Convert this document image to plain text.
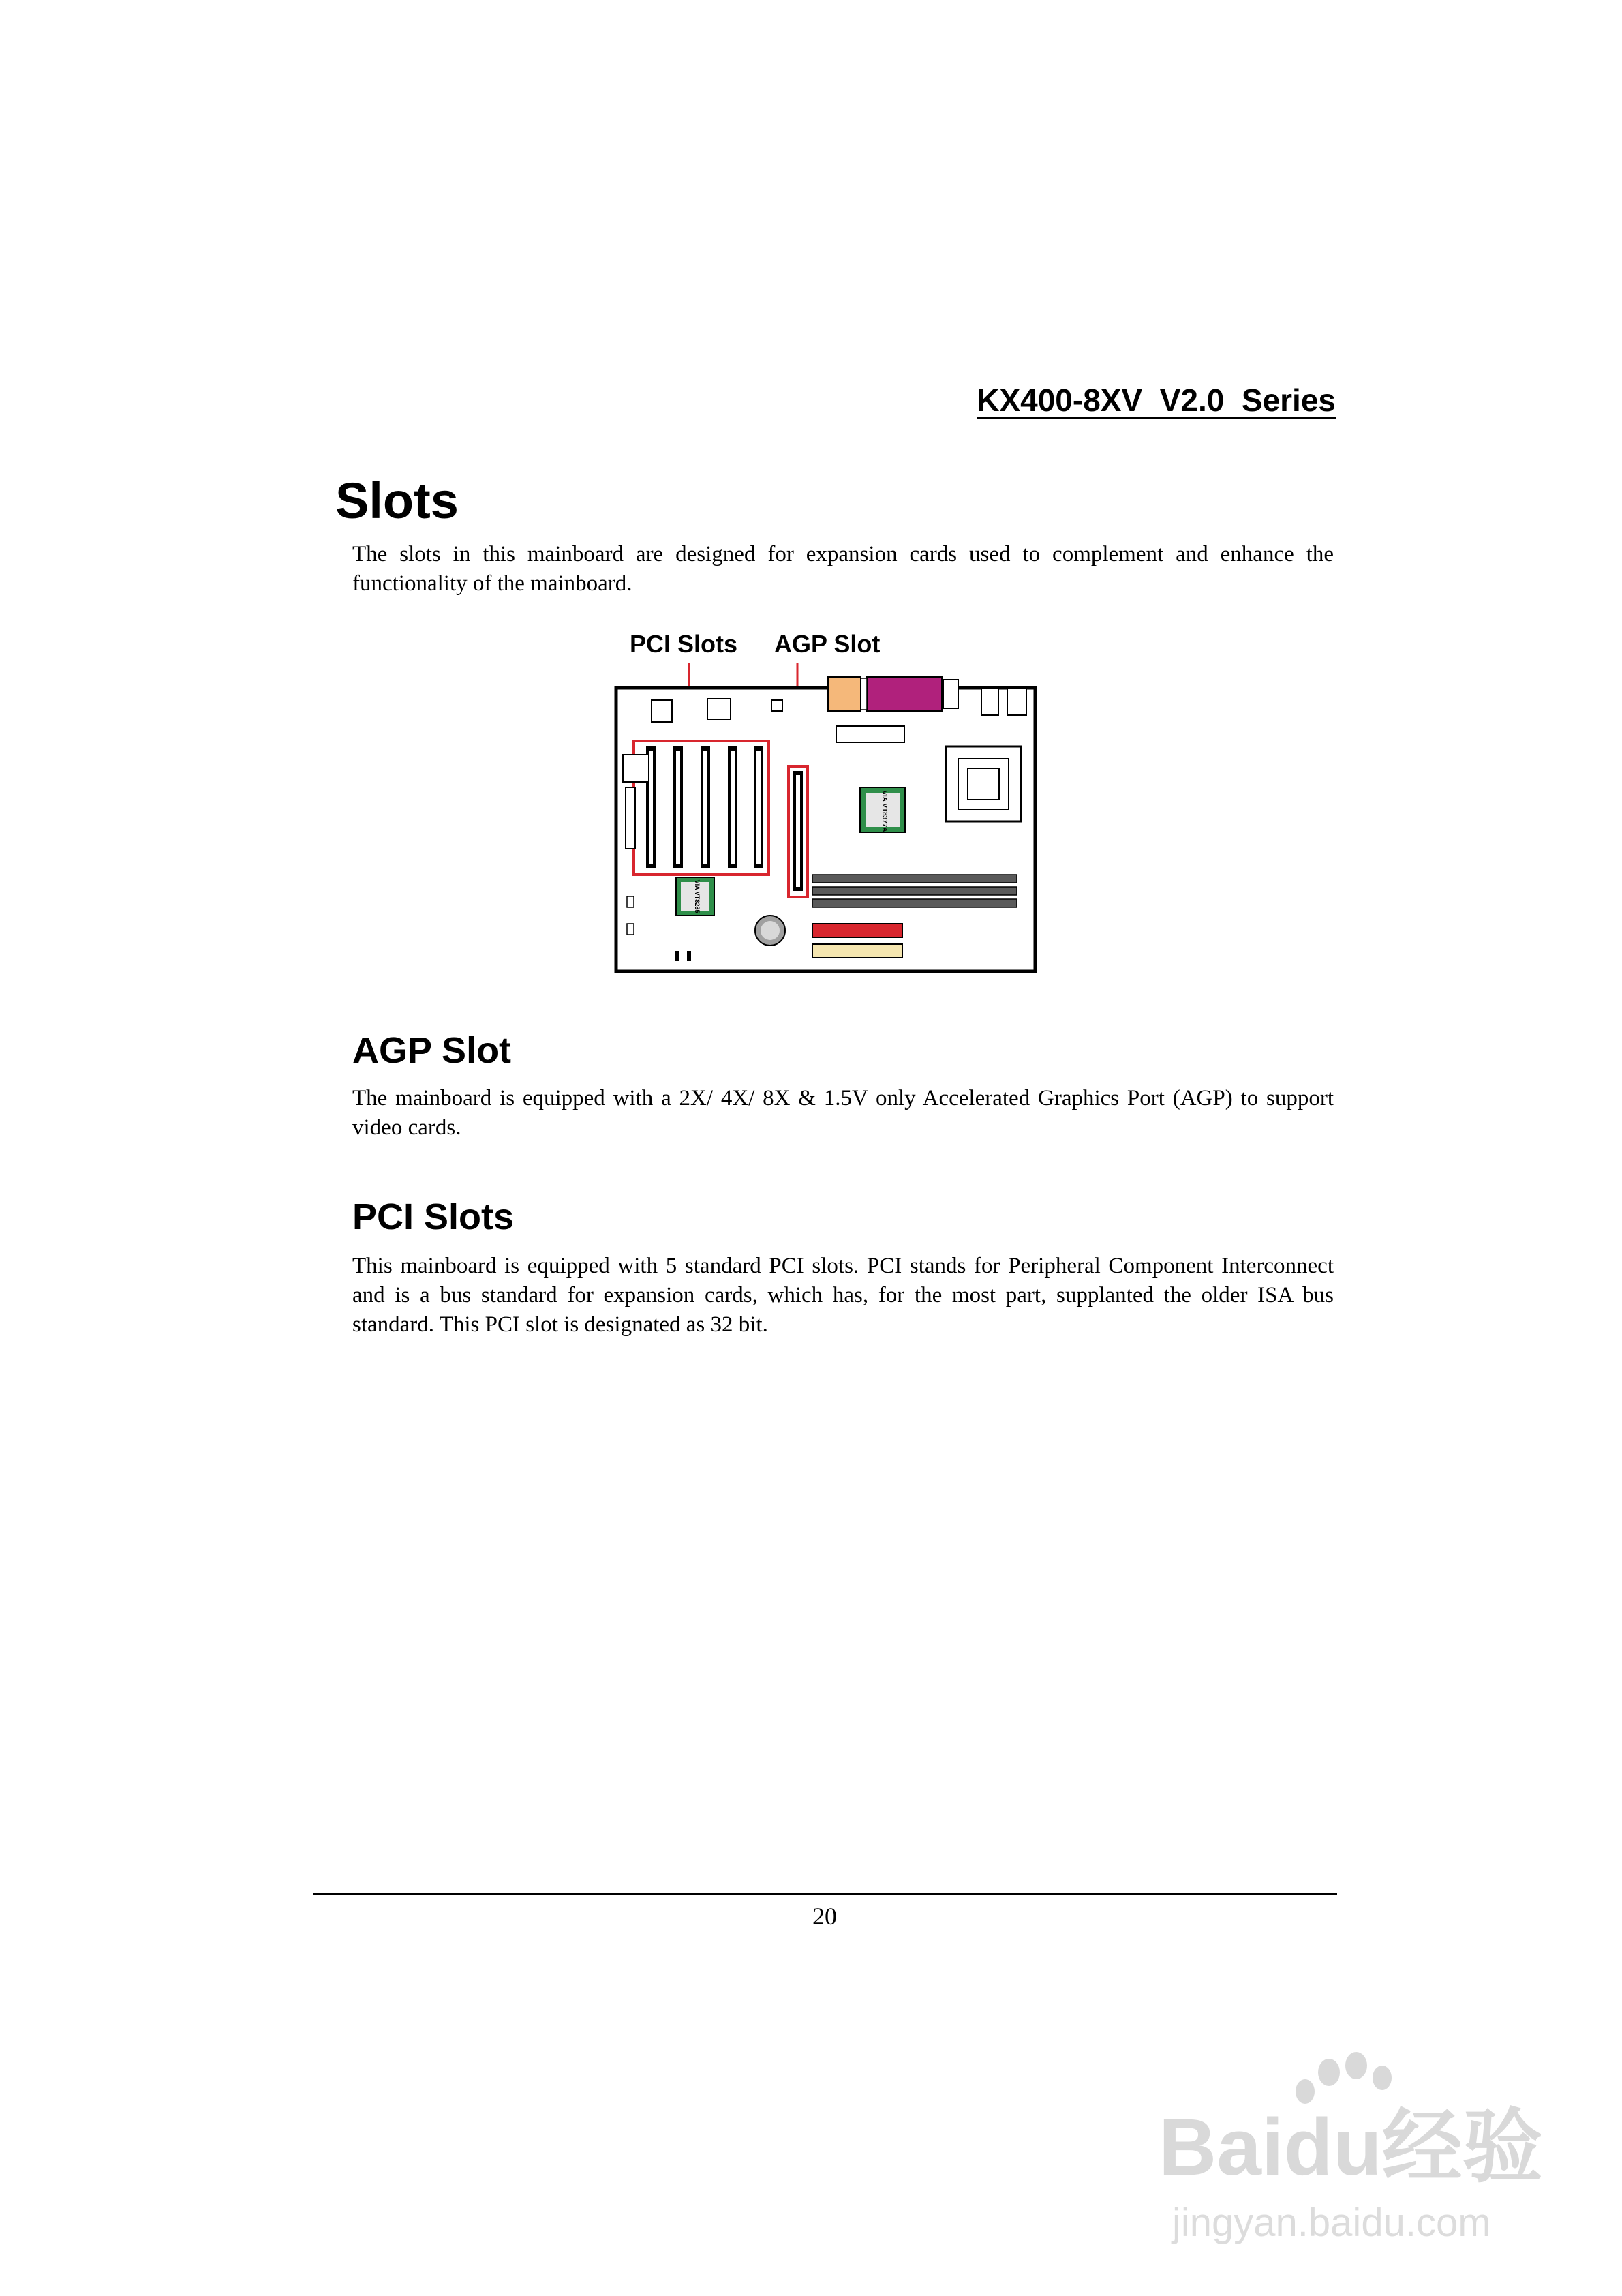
KX400-8XV  V2.0  Series
Slots
The slots in this mainboard are designed for expansion cards used to complement and enhance the functionality of the mainboard.
PCI Slots AGP Slot
VIA VT8377A
VIA VT8235
AGP Slot
The mainboard is equipped with a 2X/ 4X/ 8X & 1.5V only Accelerated Graphics Port (AGP) to support video cards.
PCI Slots
This mainboard is equipped with 5 standard PCI slots. PCI stands for Peripheral Component Interconnect and is a bus standard for expansion cards, which has, for the most part, supplanted the older ISA bus standard. This PCI slot is designated as 32 bit.
20
Baidu经验
jingyan.baidu.com
